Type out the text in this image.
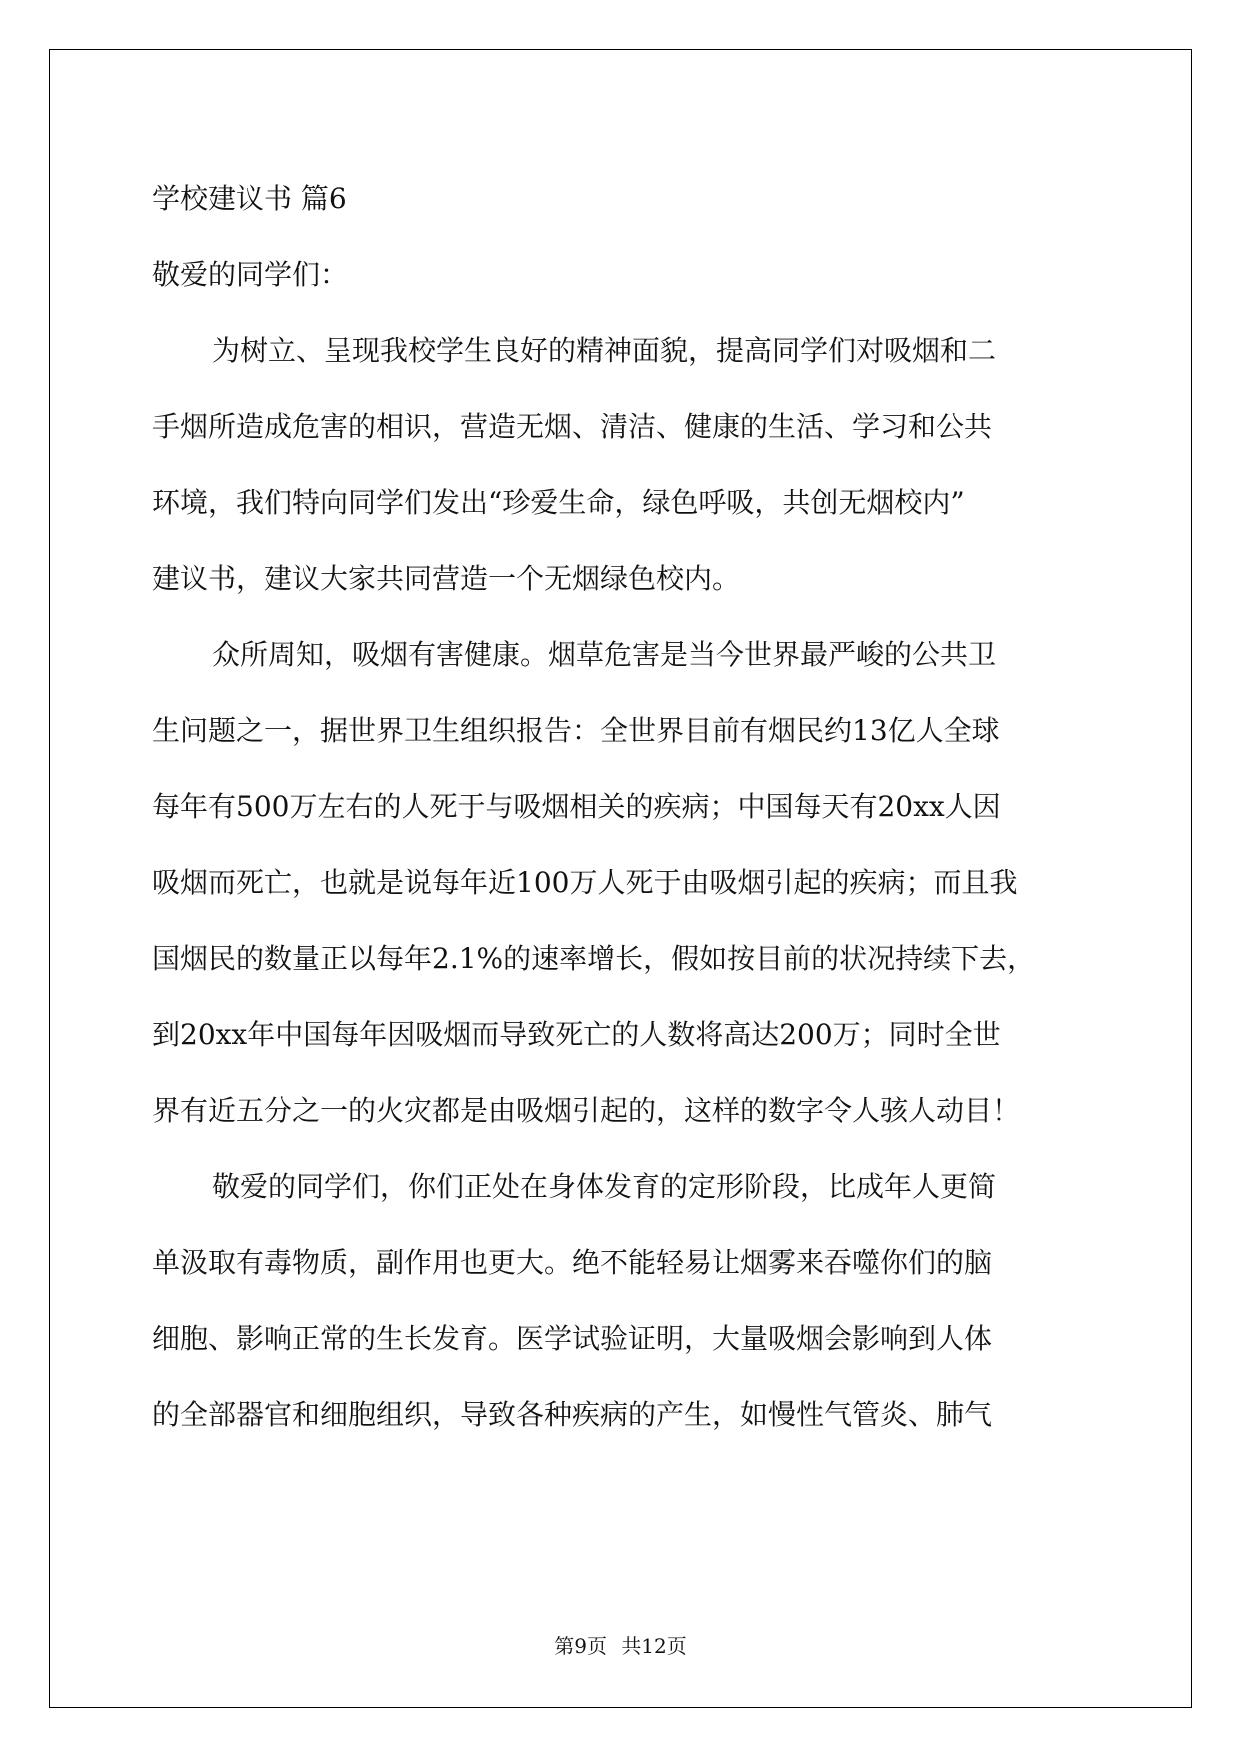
学校建议书 篇6
敬爱的同学们：
为树立、呈现我校学生良好的精神面貌，提高同学们对吸烟和二
手烟所造成危害的相识，营造无烟、清洁、健康的生活、学习和公共
环境，我们特向同学们发出“珍爱生命，绿色呼吸，共创无烟校内”
建议书，建议大家共同营造一个无烟绿色校内。
众所周知，吸烟有害健康。烟草危害是当今世界最严峻的公共卫
生问题之一，据世界卫生组织报告：全世界目前有烟民约13亿人全球
每年有500万左右的人死于与吸烟相关的疾病；中国每天有20xx人因
吸烟而死亡，也就是说每年近100万人死于由吸烟引起的疾病；而且我
国烟民的数量正以每年2.1%的速率增长，假如按目前的状况持续下去，
到20xx年中国每年因吸烟而导致死亡的人数将高达200万；同时全世
界有近五分之一的火灾都是由吸烟引起的，这样的数字令人骇人动目！
敬爱的同学们，你们正处在身体发育的定形阶段，比成年人更简
单汲取有毒物质，副作用也更大。绝不能轻易让烟雾来吞噬你们的脑
细胞、影响正常的生长发育。医学试验证明，大量吸烟会影响到人体
的全部器官和细胞组织，导致各种疾病的产生，如慢性气管炎、肺气
第9页 共12页
